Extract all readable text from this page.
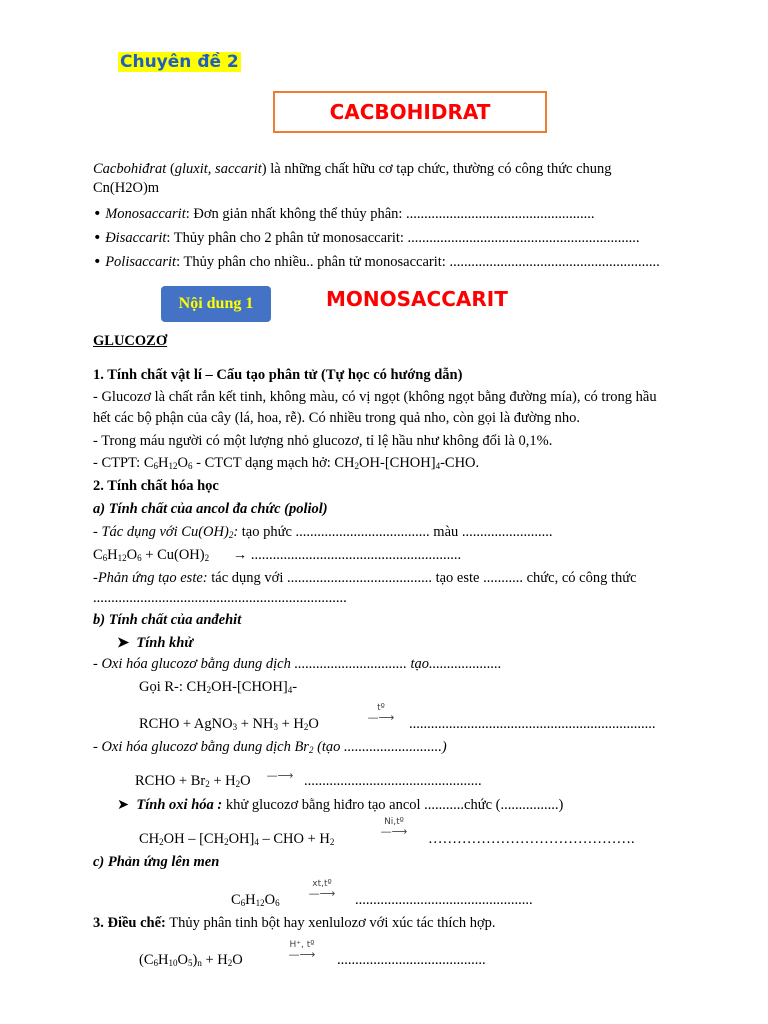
Chuyên đề 2
CACBOHIDRAT
Cacbohiđrat (gluxit, saccarit) là những chất hữu cơ tạp chức, thường có công thức chung
Cn(H2O)m
• Monosaccarit: Đơn giản nhất không thể thủy phân: ....................................................
• Đisaccarit: Thủy phân cho 2 phân tử monosaccarit: ................................................................
• Polisaccarit: Thủy phân cho nhiều.. phân tử monosaccarit: ..........................................................
Nội dung 1	MONOSACCARIT
GLUCOZƠ
1. Tính chất vật lí – Cấu tạo phân tử (Tự học có hướng dẫn)
- Glucozơ là chất rắn kết tinh, không màu, có vị ngọt (không ngọt bằng đường mía), có trong hầu
hết các bộ phận của cây (lá, hoa, rễ). Có nhiều trong quả nho, còn gọi là đường nho.
- Trong máu người có một lượng nhỏ glucozơ, tỉ lệ hầu như không đổi là 0,1%.
- CTPT: $C_6H_{12}O_6$ - CTCT dạng mạch hở: $CH_2OH-[CHOH]_4$-CHO.
2. Tính chất hóa học
a) Tính chất của ancol đa chức (poliol)
- Tác dụng với $Cu(OH)_2$: tạo phức ..................................... màu .........................
$C_6H_{12}O_6 + Cu(OH)_2$ → ..........................................................
-Phản ứng tạo este: tác dụng với ........................................ tạo este ........... chức, có công thức
......................................................................
b) Tính chất của anđehit
➤ Tính khử
- Oxi hóa glucozơ bằng dung dịch ............................... tạo....................
Gọi R-: $CH_2OH-[CHOH]_4-$
RCHO + AgNO$_3$ + $NH_3 + H_2O$
tº
—⟶	....................................................................
- Oxi hóa glucozơ bằng dung dịch $Br_2$ (tạo ...........................)
RCHO + $Br_2 + H_2O$	—⟶ .................................................
➤ Tính oxi hóa : khử glucozơ bằng hiđro tạo ancol ...........chức (................)
$CH_2OH - [CH_2OH]_4$ – CHO + $H_2$
Ni,tº
—⟶	…………………………………….
c) Phản ứng lên men
$C_6H_{12}O_6$
xt,tº
—⟶	.................................................
3. Điều chế: Thủy phân tinh bột hay xenlulozơ với xúc tác thích hợp.
$(C_6H_{10}O_5)_n + H_2O$
H⁺, tº
—⟶	.........................................
